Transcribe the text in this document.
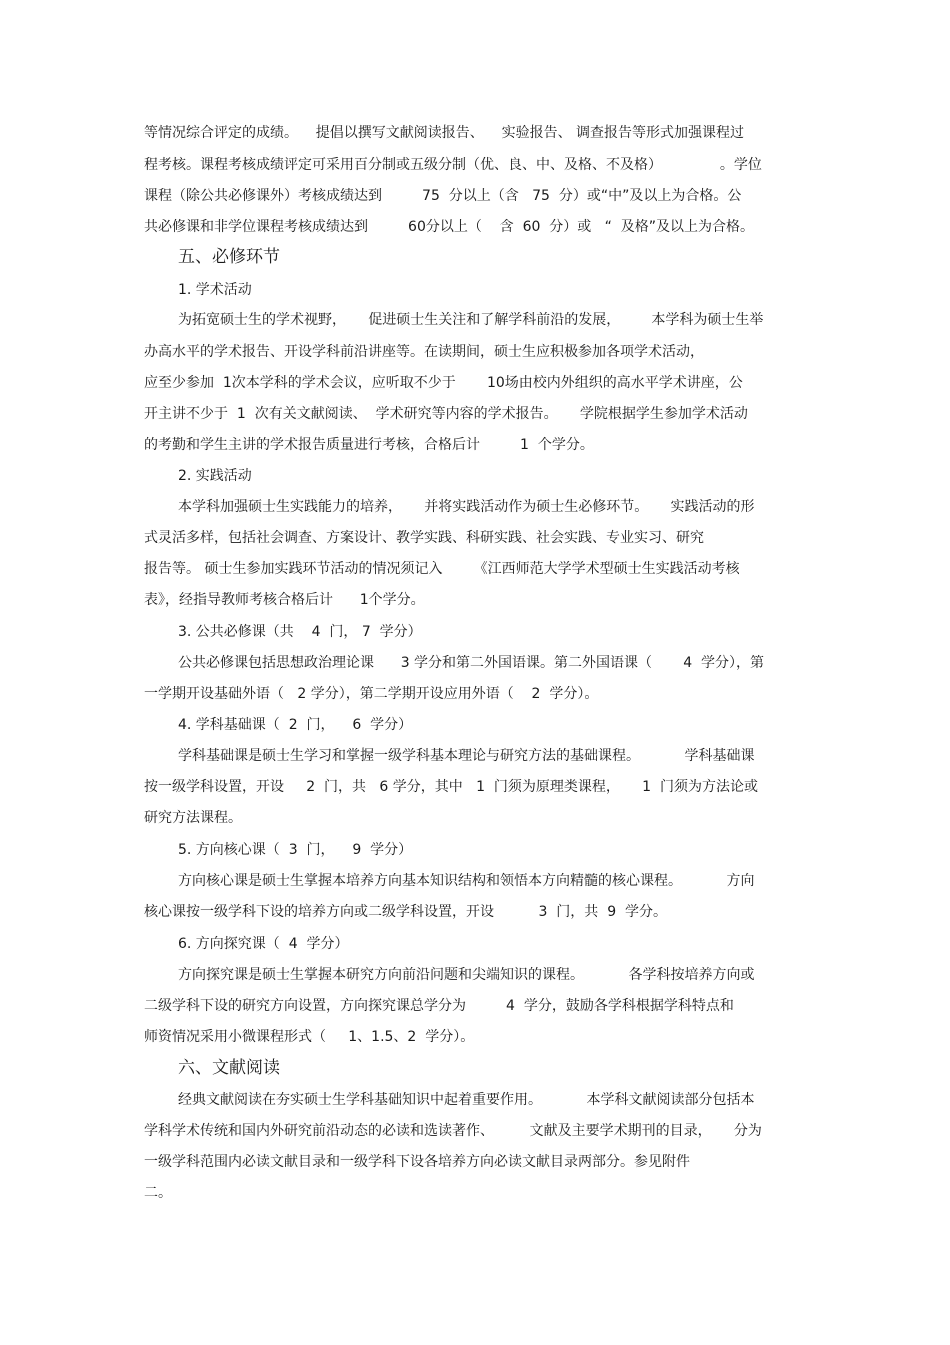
等情况综合评定的成绩。    提倡以撰写文献阅读报告、    实验报告、 调查报告等形式加强课程过
程考核。课程考核成绩评定可采用百分制或五级分制（优、良、中、及格、不及格）             。学位
课程（除公共必修课外）考核成绩达到         75  分以上（含   75  分）或“中”及以上为合格。公
共必修课和非学位课程考核成绩达到         60分以上（    含  60  分）或   “  及格”及以上为合格。
五、必修环节
1. 学术活动
为拓宽硕士生的学术视野，     促进硕士生关注和了解学科前沿的发展，       本学科为硕士生举
办高水平的学术报告、开设学科前沿讲座等。在读期间，硕士生应积极参加各项学术活动，
应至少参加  1次本学科的学术会议，应听取不少于       10场由校内外组织的高水平学术讲座，公
开主讲不少于  1  次有关文献阅读、  学术研究等内容的学术报告。     学院根据学生参加学术活动
的考勤和学生主讲的学术报告质量进行考核，合格后计         1  个学分。
2. 实践活动
本学科加强硕士生实践能力的培养，     并将实践活动作为硕士生必修环节。     实践活动的形
式灵活多样，包括社会调查、方案设计、教学实践、科研实践、社会实践、专业实习、研究
报告等。 硕士生参加实践环节活动的情况须记入       《江西师范大学学术型硕士生实践活动考核
表》，经指导教师考核合格后计      1个学分。
3. 公共必修课（共    4  门， 7  学分）
公共必修课包括思想政治理论课      3 学分和第二外国语课。第二外国语课（       4  学分），第
一学期开设基础外语（   2 学分），第二学期开设应用外语（    2  学分）。
4. 学科基础课（  2  门，    6  学分）
学科基础课是硕士生学习和掌握一级学科基本理论与研究方法的基础课程。          学科基础课
按一级学科设置，开设     2  门，共   6 学分，其中   1  门须为原理类课程，     1  门须为方法论或
研究方法课程。
5. 方向核心课（  3  门，    9  学分）
方向核心课是硕士生掌握本培养方向基本知识结构和领悟本方向精髓的核心课程。          方向
核心课按一级学科下设的培养方向或二级学科设置，开设          3  门，共  9  学分。
6. 方向探究课（  4  学分）
方向探究课是硕士生掌握本研究方向前沿问题和尖端知识的课程。          各学科按培养方向或
二级学科下设的研究方向设置，方向探究课总学分为         4  学分，鼓励各学科根据学科特点和
师资情况采用小微课程形式（     1、1.5、2  学分）。
六、文献阅读
经典文献阅读在夯实硕士生学科基础知识中起着重要作用。          本学科文献阅读部分包括本
学科学术传统和国内外研究前沿动态的必读和选读著作、        文献及主要学术期刊的目录，     分为
一级学科范围内必读文献目录和一级学科下设各培养方向必读文献目录两部分。参见附件
二。
